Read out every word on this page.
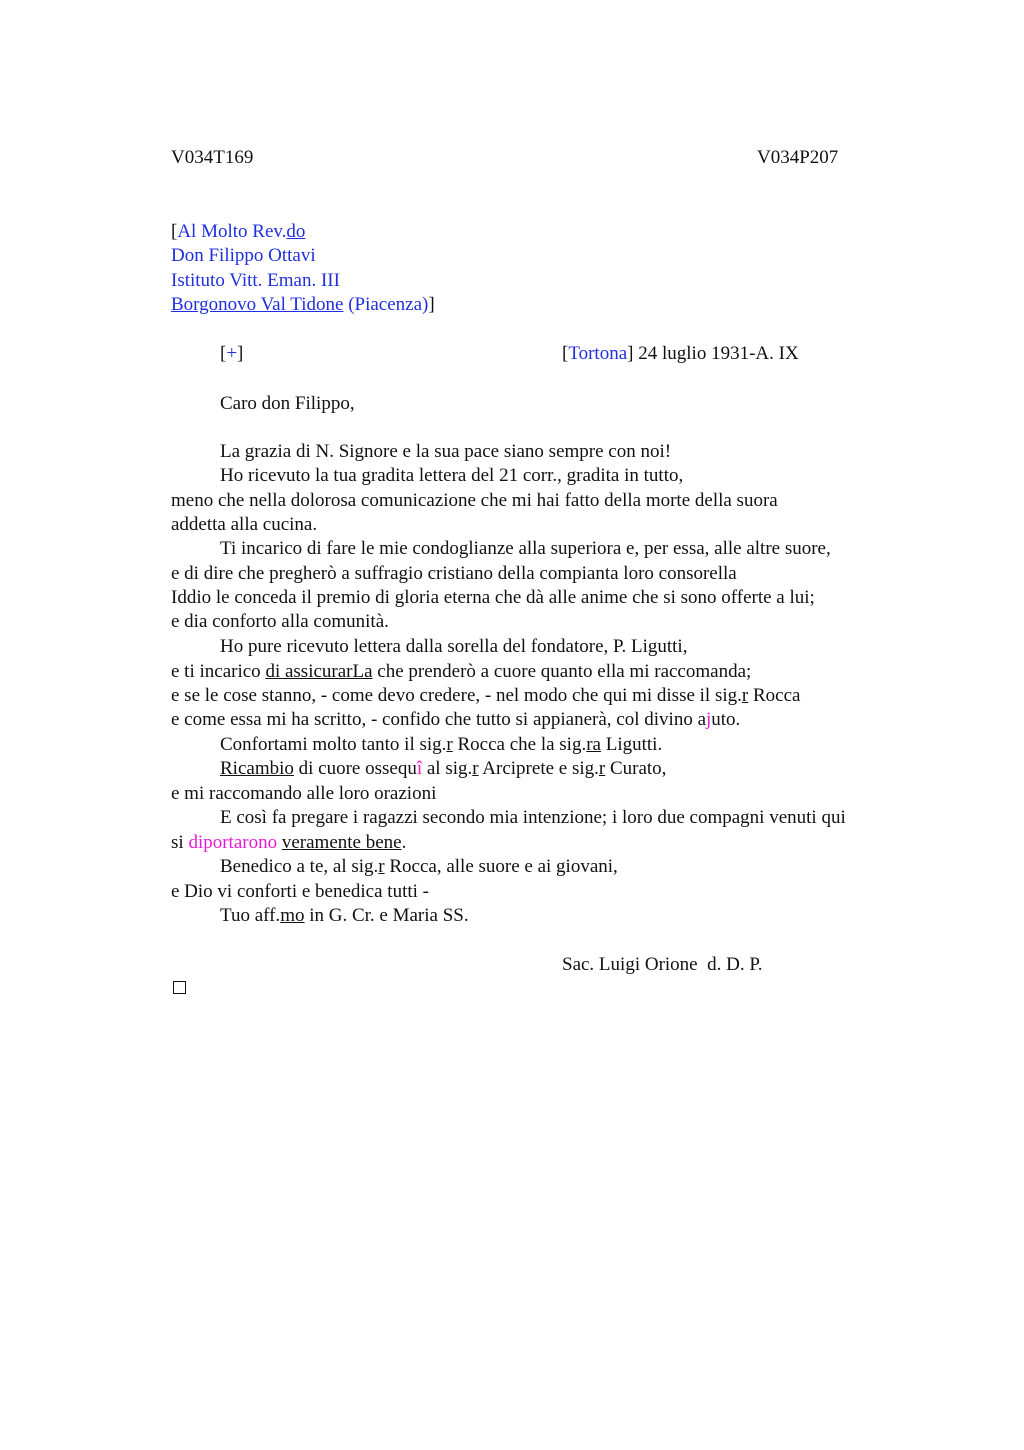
V034T169	V034P207
[Al Molto Rev.do
Don Filippo Ottavi
Istituto Vitt. Eman. III
Borgonovo Val Tidone (Piacenza)]
[+]	[Tortona] 24 luglio 1931-A. IX
Caro don Filippo,
La grazia di N. Signore e la sua pace siano sempre con noi!
Ho ricevuto la tua gradita lettera del 21 corr., gradita in tutto,
meno che nella dolorosa comunicazione che mi hai fatto della morte della suora
addetta alla cucina.
Ti incarico di fare le mie condoglianze alla superiora e, per essa, alle altre suore,
e di dire che pregherò a suffragio cristiano della compianta loro consorella
Iddio le conceda il premio di gloria eterna che dà alle anime che si sono offerte a lui;
e dia conforto alla comunità.
Ho pure ricevuto lettera dalla sorella del fondatore, P. Ligutti,
e ti incarico di assicurarLa che prenderò a cuore quanto ella mi raccomanda;
e se le cose stanno, - come devo credere, - nel modo che qui mi disse il sig.r Rocca
e come essa mi ha scritto, - confido che tutto si appianerà, col divino ajuto.
Confortami molto tanto il sig.r Rocca che la sig.ra Ligutti.
Ricambio di cuore ossequî al sig.r Arciprete e sig.r Curato,
e mi raccomando alle loro orazioni
E così fa pregare i ragazzi secondo mia intenzione; i loro due compagni venuti qui
si diportarono veramente bene.
Benedico a te, al sig.r Rocca, alle suore e ai giovani,
e Dio vi conforti e benedica tutti -
Tuo aff.mo in G. Cr. e Maria SS.
Sac. Luigi Orione  d. D. P.
